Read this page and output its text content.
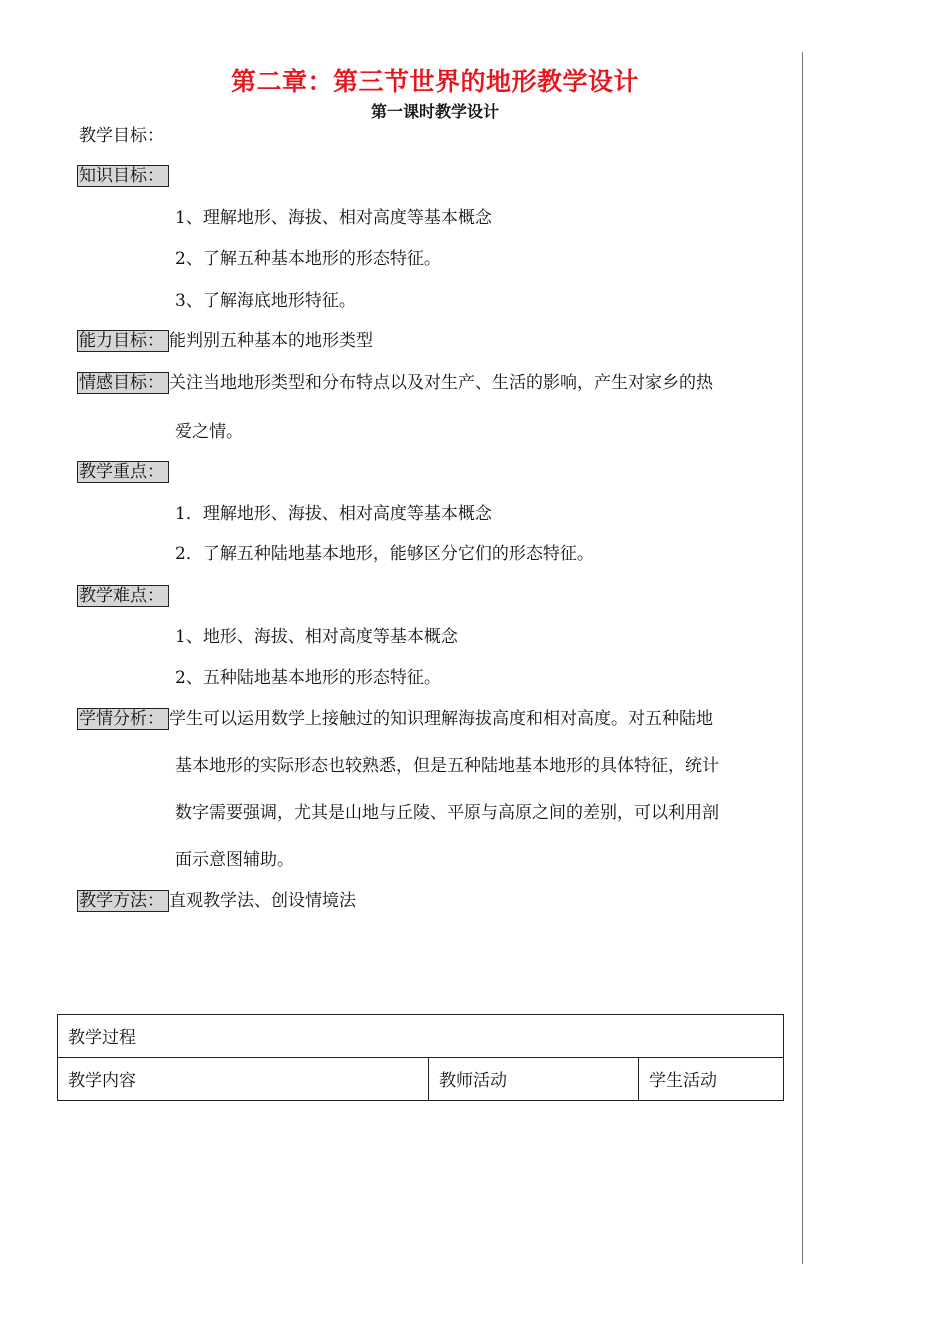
第二章：第三节世界的地形教学设计
第一课时教学设计
教学目标：
知识目标：
1、理解地形、海拔、相对高度等基本概念
2、了解五种基本地形的形态特征。
3、了解海底地形特征。
能力目标： 能判别五种基本的地形类型
情感目标： 关注当地地形类型和分布特点以及对生产、生活的影响，产生对家乡的热
爱之情。
教学重点：
1．理解地形、海拔、相对高度等基本概念
2．了解五种陆地基本地形，能够区分它们的形态特征。
教学难点：
1、地形、海拔、相对高度等基本概念
2、五种陆地基本地形的形态特征。
学情分析： 学生可以运用数学上接触过的知识理解海拔高度和相对高度。对五种陆地
基本地形的实际形态也较熟悉，但是五种陆地基本地形的具体特征，统计
数字需要强调，尤其是山地与丘陵、平原与高原之间的差别，可以利用剖
面示意图辅助。
教学方法： 直观教学法、创设情境法
教学过程
教学内容	教师活动	学生活动
